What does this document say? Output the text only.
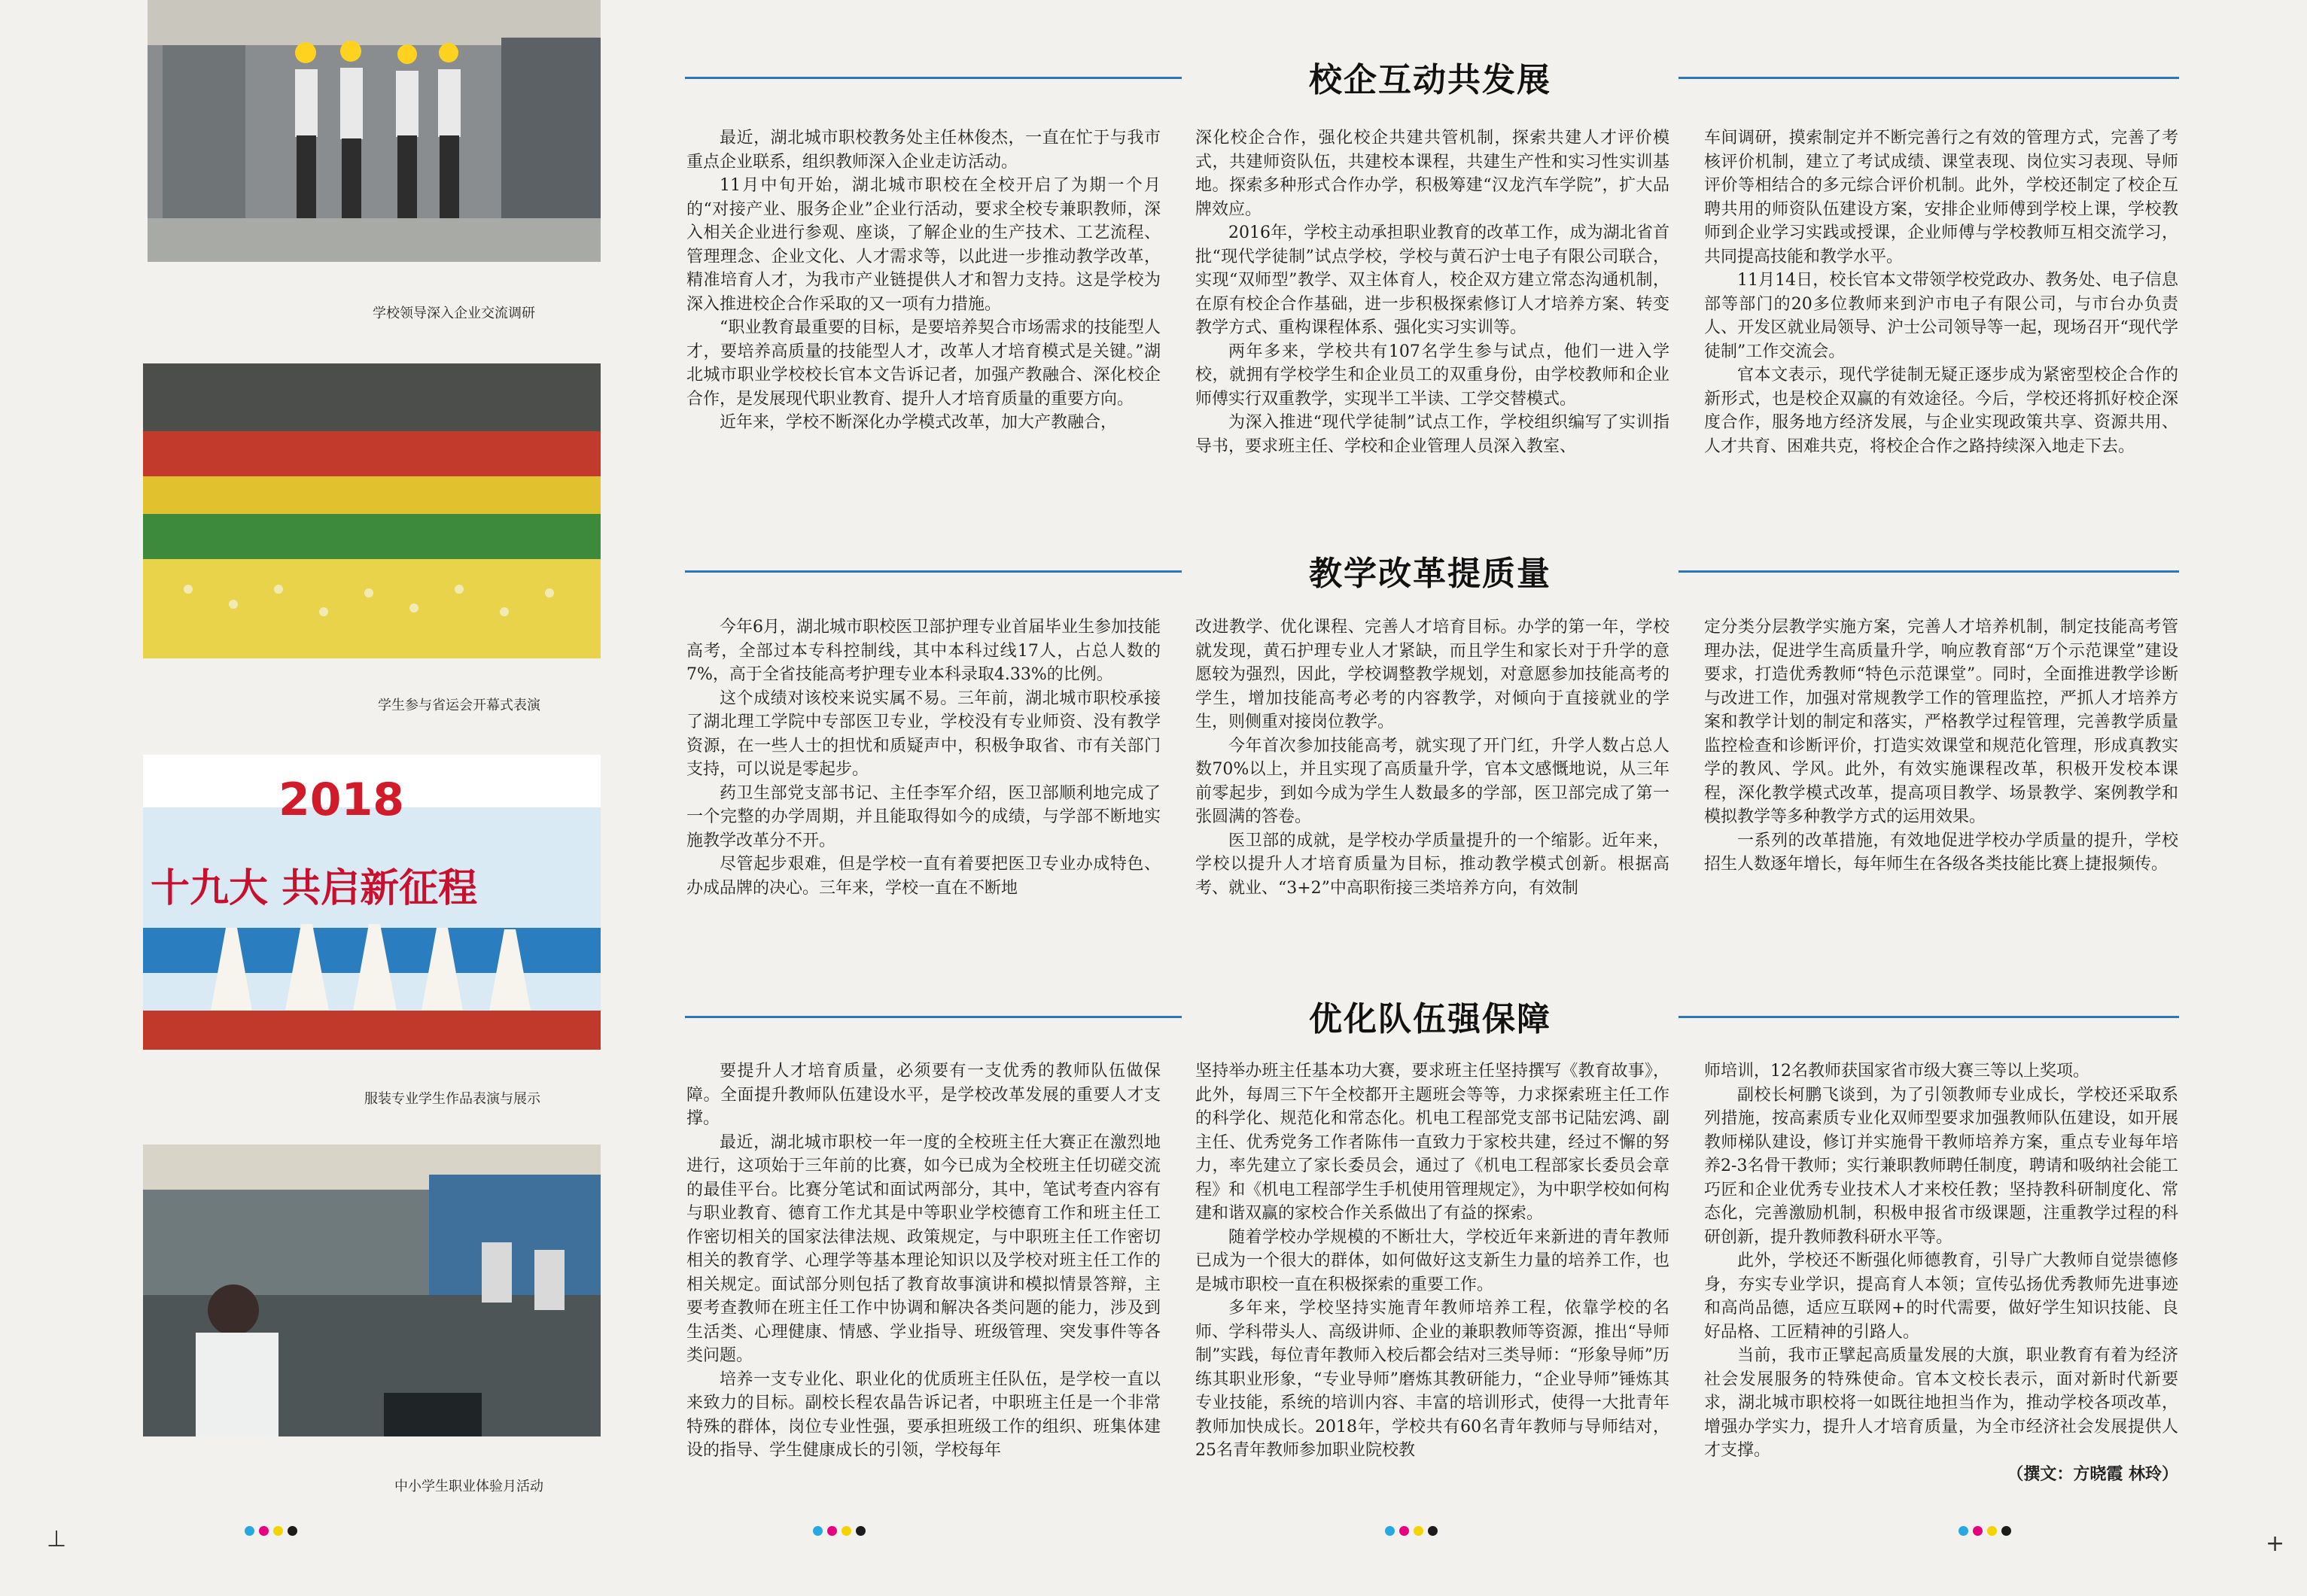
学校领导深入企业交流调研
学生参与省运会开幕式表演
2018
十九大 共启新征程
服装专业学生作品表演与展示
中小学生职业体验月活动
校企互动共发展

最近，湖北城市职校教务处主任林俊杰，一直在忙于与我市重点企业联系，组织教师深入企业走访活动。

11月中旬开始，湖北城市职校在全校开启了为期一个月的“对接产业、服务企业”企业行活动，要求全校专兼职教师，深入相关企业进行参观、座谈，了解企业的生产技术、工艺流程、管理理念、企业文化、人才需求等，以此进一步推动教学改革，精准培育人才，为我市产业链提供人才和智力支持。这是学校为深入推进校企合作采取的又一项有力措施。

“职业教育最重要的目标，是要培养契合市场需求的技能型人才，要培养高质量的技能型人才，改革人才培育模式是关键。”湖北城市职业学校校长官本文告诉记者，加强产教融合、深化校企合作，是发展现代职业教育、提升人才培育质量的重要方向。

近年来，学校不断深化办学模式改革，加大产教融合，

深化校企合作，强化校企共建共管机制，探索共建人才评价模式，共建师资队伍，共建校本课程，共建生产性和实习性实训基地。探索多种形式合作办学，积极筹建“汉龙汽车学院”，扩大品牌效应。

2016年，学校主动承担职业教育的改革工作，成为湖北省首批“现代学徒制”试点学校，学校与黄石沪士电子有限公司联合，实现“双师型”教学、双主体育人，校企双方建立常态沟通机制，在原有校企合作基础，进一步积极探索修订人才培养方案、转变教学方式、重构课程体系、强化实习实训等。

两年多来，学校共有107名学生参与试点，他们一进入学校，就拥有学校学生和企业员工的双重身份，由学校教师和企业师傅实行双重教学，实现半工半读、工学交替模式。

为深入推进“现代学徒制”试点工作，学校组织编写了实训指导书，要求班主任、学校和企业管理人员深入教室、

车间调研，摸索制定并不断完善行之有效的管理方式，完善了考核评价机制，建立了考试成绩、课堂表现、岗位实习表现、导师评价等相结合的多元综合评价机制。此外，学校还制定了校企互聘共用的师资队伍建设方案，安排企业师傅到学校上课，学校教师到企业学习实践或授课，企业师傅与学校教师互相交流学习，共同提高技能和教学水平。

11月14日，校长官本文带领学校党政办、教务处、电子信息部等部门的20多位教师来到沪市电子有限公司，与市台办负责人、开发区就业局领导、沪士公司领导等一起，现场召开“现代学徒制”工作交流会。

官本文表示，现代学徒制无疑正逐步成为紧密型校企合作的新形式，也是校企双赢的有效途径。今后，学校还将抓好校企深度合作，服务地方经济发展，与企业实现政策共享、资源共用、人才共育、困难共克，将校企合作之路持续深入地走下去。

教学改革提质量

今年6月，湖北城市职校医卫部护理专业首届毕业生参加技能高考，全部过本专科控制线，其中本科过线17人，占总人数的7%，高于全省技能高考护理专业本科录取4.33%的比例。

这个成绩对该校来说实属不易。三年前，湖北城市职校承接了湖北理工学院中专部医卫专业，学校没有专业师资、没有教学资源，在一些人士的担忧和质疑声中，积极争取省、市有关部门支持，可以说是零起步。

药卫生部党支部书记、主任李军介绍，医卫部顺利地完成了一个完整的办学周期，并且能取得如今的成绩，与学部不断地实施教学改革分不开。

尽管起步艰难，但是学校一直有着要把医卫专业办成特色、办成品牌的决心。三年来，学校一直在不断地

改进教学、优化课程、完善人才培育目标。办学的第一年，学校就发现，黄石护理专业人才紧缺，而且学生和家长对于升学的意愿较为强烈，因此，学校调整教学规划，对意愿参加技能高考的学生，增加技能高考必考的内容教学，对倾向于直接就业的学生，则侧重对接岗位教学。

今年首次参加技能高考，就实现了开门红，升学人数占总人数70%以上，并且实现了高质量升学，官本文感慨地说，从三年前零起步，到如今成为学生人数最多的学部，医卫部完成了第一张圆满的答卷。

医卫部的成就，是学校办学质量提升的一个缩影。近年来，学校以提升人才培育质量为目标，推动教学模式创新。根据高考、就业、“3+2”中高职衔接三类培养方向，有效制

定分类分层教学实施方案，完善人才培养机制，制定技能高考管理办法，促进学生高质量升学，响应教育部“万个示范课堂”建设要求，打造优秀教师“特色示范课堂”。同时，全面推进教学诊断与改进工作，加强对常规教学工作的管理监控，严抓人才培养方案和教学计划的制定和落实，严格教学过程管理，完善教学质量监控检查和诊断评价，打造实效课堂和规范化管理，形成真教实学的教风、学风。此外，有效实施课程改革，积极开发校本课程，深化教学模式改革，提高项目教学、场景教学、案例教学和模拟教学等多种教学方式的运用效果。

一系列的改革措施，有效地促进学校办学质量的提升，学校招生人数逐年增长，每年师生在各级各类技能比赛上捷报频传。

优化队伍强保障

要提升人才培育质量，必须要有一支优秀的教师队伍做保障。全面提升教师队伍建设水平，是学校改革发展的重要人才支撑。

最近，湖北城市职校一年一度的全校班主任大赛正在激烈地进行，这项始于三年前的比赛，如今已成为全校班主任切磋交流的最佳平台。比赛分笔试和面试两部分，其中，笔试考查内容有与职业教育、德育工作尤其是中等职业学校德育工作和班主任工作密切相关的国家法律法规、政策规定，与中职班主任工作密切相关的教育学、心理学等基本理论知识以及学校对班主任工作的相关规定。面试部分则包括了教育故事演讲和模拟情景答辩，主要考查教师在班主任工作中协调和解决各类问题的能力，涉及到生活类、心理健康、情感、学业指导、班级管理、突发事件等各类问题。

培养一支专业化、职业化的优质班主任队伍，是学校一直以来致力的目标。副校长程农晶告诉记者，中职班主任是一个非常特殊的群体，岗位专业性强，要承担班级工作的组织、班集体建设的指导、学生健康成长的引领，学校每年

坚持举办班主任基本功大赛，要求班主任坚持撰写《教育故事》，此外，每周三下午全校都开主题班会等等，力求探索班主任工作的科学化、规范化和常态化。机电工程部党支部书记陆宏鸿、副主任、优秀党务工作者陈伟一直致力于家校共建，经过不懈的努力，率先建立了家长委员会，通过了《机电工程部家长委员会章程》和《机电工程部学生手机使用管理规定》，为中职学校如何构建和谐双赢的家校合作关系做出了有益的探索。

随着学校办学规模的不断壮大，学校近年来新进的青年教师已成为一个很大的群体，如何做好这支新生力量的培养工作，也是城市职校一直在积极探索的重要工作。

多年来，学校坚持实施青年教师培养工程，依靠学校的名师、学科带头人、高级讲师、企业的兼职教师等资源，推出“导师制”实践，每位青年教师入校后都会结对三类导师：“形象导师”历练其职业形象，“专业导师”磨炼其教研能力，“企业导师”锤炼其专业技能，系统的培训内容、丰富的培训形式，使得一大批青年教师加快成长。2018年，学校共有60名青年教师与导师结对，25名青年教师参加职业院校教

师培训，12名教师获国家省市级大赛三等以上奖项。

副校长柯鹏飞谈到，为了引领教师专业成长，学校还采取系列措施，按高素质专业化双师型要求加强教师队伍建设，如开展教师梯队建设，修订并实施骨干教师培养方案，重点专业每年培养2-3名骨干教师；实行兼职教师聘任制度，聘请和吸纳社会能工巧匠和企业优秀专业技术人才来校任教；坚持教科研制度化、常态化，完善激励机制，积极申报省市级课题，注重教学过程的科研创新，提升教师教科研水平等。

此外，学校还不断强化师德教育，引导广大教师自觉崇德修身，夯实专业学识，提高育人本领；宣传弘扬优秀教师先进事迹和高尚品德，适应互联网+的时代需要，做好学生知识技能、良好品格、工匠精神的引路人。

当前，我市正擘起高质量发展的大旗，职业教育有着为经济社会发展服务的特殊使命。官本文校长表示，面对新时代新要求，湖北城市职校将一如既往地担当作为，推动学校各项改革，增强办学实力，提升人才培育质量，为全市经济社会发展提供人才支撑。

（撰文：方晓霞 林玲）
⊥	+
